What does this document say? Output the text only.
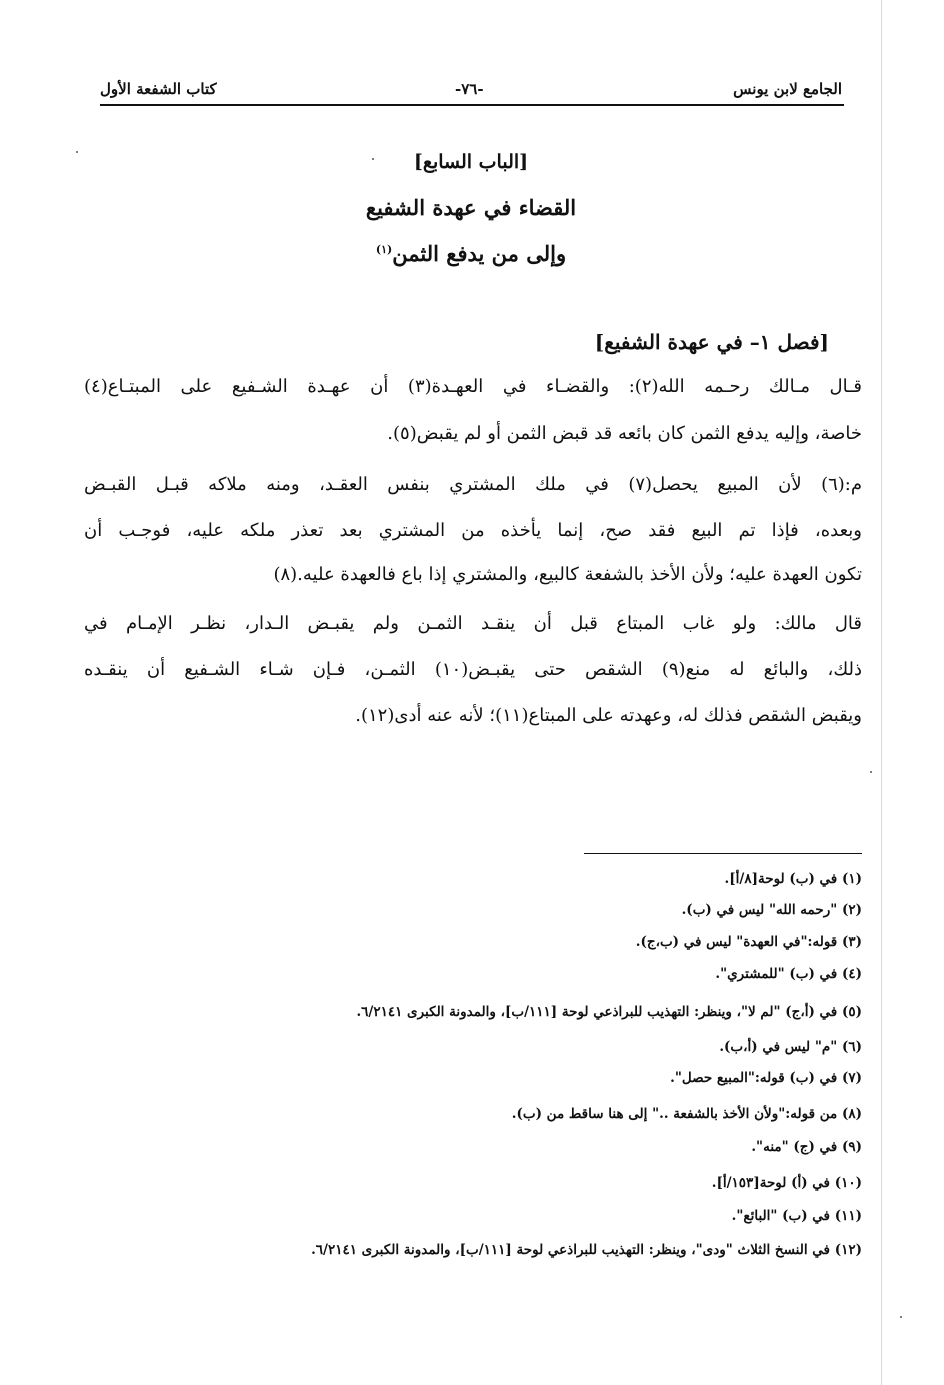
الجامع لابن يونس
-٧٦-
كتاب الشفعة الأول
[الباب السابع]
القضاء في عهدة الشفيع
وإلى من يدفع الثمن$^{(١)}$
[فصل ١– في عهدة الشفيع]
قـال مـالك رحـمه الله(٢): والقضـاء في العهـدة(٣) أن عهـدة الشـفيع على المبتـاع(٤)
خاصة، وإليه يدفع الثمن كان بائعه قد قبض الثمن أو لم يقبض(٥).
م:(٦) لأن المبيع يحصل(٧) في ملك المشتري بنفس العقـد، ومنه ملاكه قبـل القبـض
وبعده، فإذا تم البيع فقد صح، إنما يأخذه من المشتري بعد تعذر ملكه عليه، فوجـب أن
تكون العهدة عليه؛ ولأن الأخذ بالشفعة كالبيع، والمشتري إذا باع فالعهدة عليه.(٨)
قال مالك: ولو غاب المبتاع قبل أن ينقـد الثمـن ولم يقبـض الـدار، نظـر الإمـام في
ذلك، والبائع له منع(٩) الشقص حتى يقبـض(١٠) الثمـن، فـإن شـاء الشـفيع أن ينقـده
ويقبض الشقص فذلك له، وعهدته على المبتاع(١١)؛ لأنه عنه أدى(١٢).
(١) في (ب) لوحة[٨/أ].
(٢) "رحمه الله" ليس في (ب).
(٣) قوله:"في العهدة" ليس في (ب،ج).
(٤) في (ب) "للمشتري".
(٥) في (أ،ج) "لم لا"، وينظر: التهذيب للبراذعي لوحة [١١١/ب]، والمدونة الكبرى ٦/٢١٤١.
(٦) "م" ليس في (أ،ب).
(٧) في (ب) قوله:"المبيع حصل".
(٨) من قوله:"ولأن الأخذ بالشفعة .." إلى هنا ساقط من (ب).
(٩) في (ج) "منه".
(١٠) في (أ) لوحة[١٥٣/أ].
(١١) في (ب) "البائع".
(١٢) في النسخ الثلاث "ودى"، وينظر: التهذيب للبراذعي لوحة [١١١/ب]، والمدونة الكبرى ٦/٢١٤١.
